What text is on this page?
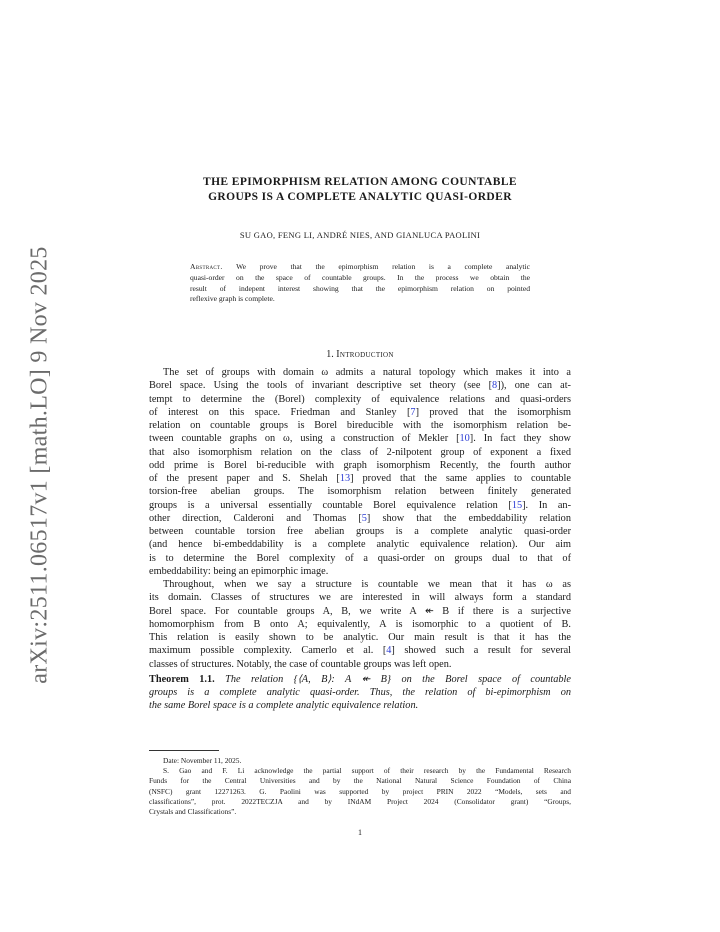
arXiv:2511.06517v1 [math.LO] 9 Nov 2025
THE EPIMORPHISM RELATION AMONG COUNTABLE
GROUPS IS A COMPLETE ANALYTIC QUASI-ORDER
SU GAO, FENG LI, ANDRÉ NIES, AND GIANLUCA PAOLINI
Abstract. We prove that the epimorphism relation is a complete analytic
quasi-order on the space of countable groups. In the process we obtain the
result of indepent interest showing that the epimorphism relation on pointed
reflexive graph is complete.
1. Introduction
The set of groups with domain ω admits a natural topology which makes it into a
Borel space. Using the tools of invariant descriptive set theory (see [8]), one can at-
tempt to determine the (Borel) complexity of equivalence relations and quasi-orders
of interest on this space. Friedman and Stanley [7] proved that the isomorphism
relation on countable groups is Borel bireducible with the isomorphism relation be-
tween countable graphs on ω, using a construction of Mekler [10]. In fact they show
that also isomorphism relation on the class of 2-nilpotent group of exponent a fixed
odd prime is Borel bi-reducible with graph isomorphism Recently, the fourth author
of the present paper and S. Shelah [13] proved that the same applies to countable
torsion-free abelian groups. The isomorphism relation between finitely generated
groups is a universal essentially countable Borel equivalence relation [15]. In an-
other direction, Calderoni and Thomas [5] show that the embeddability relation
between countable torsion free abelian groups is a complete analytic quasi-order
(and hence bi-embeddability is a complete analytic equivalence relation). Our aim
is to determine the Borel complexity of a quasi-order on groups dual to that of
embeddability: being an epimorphic image.
Throughout, when we say a structure is countable we mean that it has ω as
its domain. Classes of structures we are interested in will always form a standard
Borel space. For countable groups A, B, we write A ↞ B if there is a surjective
homomorphism from B onto A; equivalently, A is isomorphic to a quotient of B.
This relation is easily shown to be analytic. Our main result is that it has the
maximum possible complexity. Camerlo et al. [4] showed such a result for several
classes of structures. Notably, the case of countable groups was left open.
Theorem 1.1. The relation {⟨A, B⟩: A ↞ B} on the Borel space of countable
groups is a complete analytic quasi-order. Thus, the relation of bi-epimorphism on
the same Borel space is a complete analytic equivalence relation.
Date: November 11, 2025.
S. Gao and F. Li acknowledge the partial support of their research by the Fundamental Research
Funds for the Central Universities and by the National Natural Science Foundation of China
(NSFC) grant 12271263. G. Paolini was supported by project PRIN 2022 “Models, sets and
classifications”, prot. 2022TECZJA and by INdAM Project 2024 (Consolidator grant) “Groups,
Crystals and Classifications”.
1
